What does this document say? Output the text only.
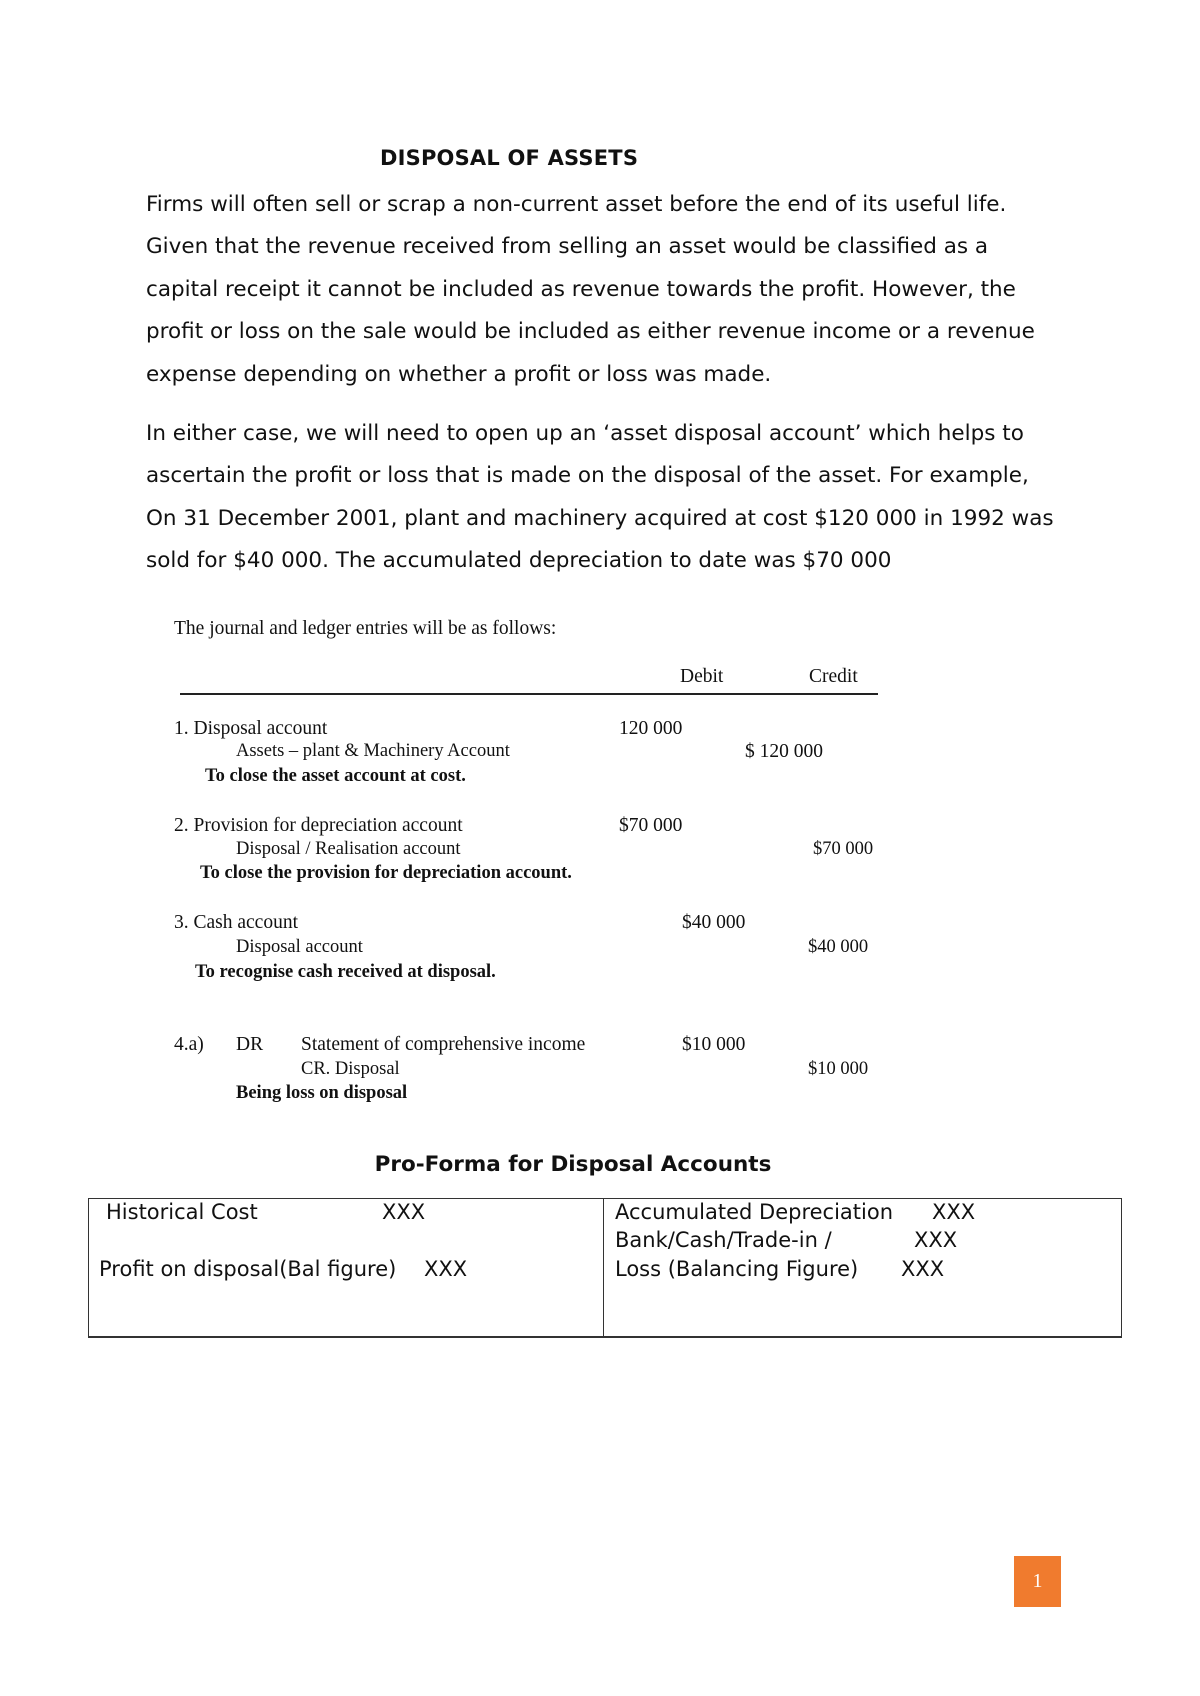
DISPOSAL OF ASSETS

Firms will often sell or scrap a non-current asset before the end of its useful life.
Given that the revenue received from selling an asset would be classified as a
capital receipt it cannot be included as revenue towards the profit. However, the
profit or loss on the sale would be included as either revenue income or a revenue
expense depending on whether a profit or loss was made.

In either case, we will need to open up an ‘asset disposal account’ which helps to
ascertain the profit or loss that is made on the disposal of the asset. For example,
On 31 December 2001, plant and machinery acquired at cost $120 000 in 1992 was
sold for $40 000. The accumulated depreciation to date was $70 000

The journal and ledger entries will be as follows:
Debit	Credit
1. Disposal account	120 000
Assets – plant & Machinery Account	$ 120 000
To close the asset account at cost.
2. Provision for depreciation account	$70 000
Disposal / Realisation account	$70 000
To close the provision for depreciation account.
3. Cash account	$40 000
Disposal account	$40 000
To recognise cash received at disposal.
4.a) DR Statement of comprehensive income	$10 000
CR. Disposal	$10 000
Being loss on disposal
Pro-Forma for Disposal Accounts
Historical Cost	XXX
Profit on disposal(Bal figure) XXX
Accumulated Depreciation XXX
Bank/Cash/Trade-in /	XXX
Loss (Balancing Figure) XXX
1
